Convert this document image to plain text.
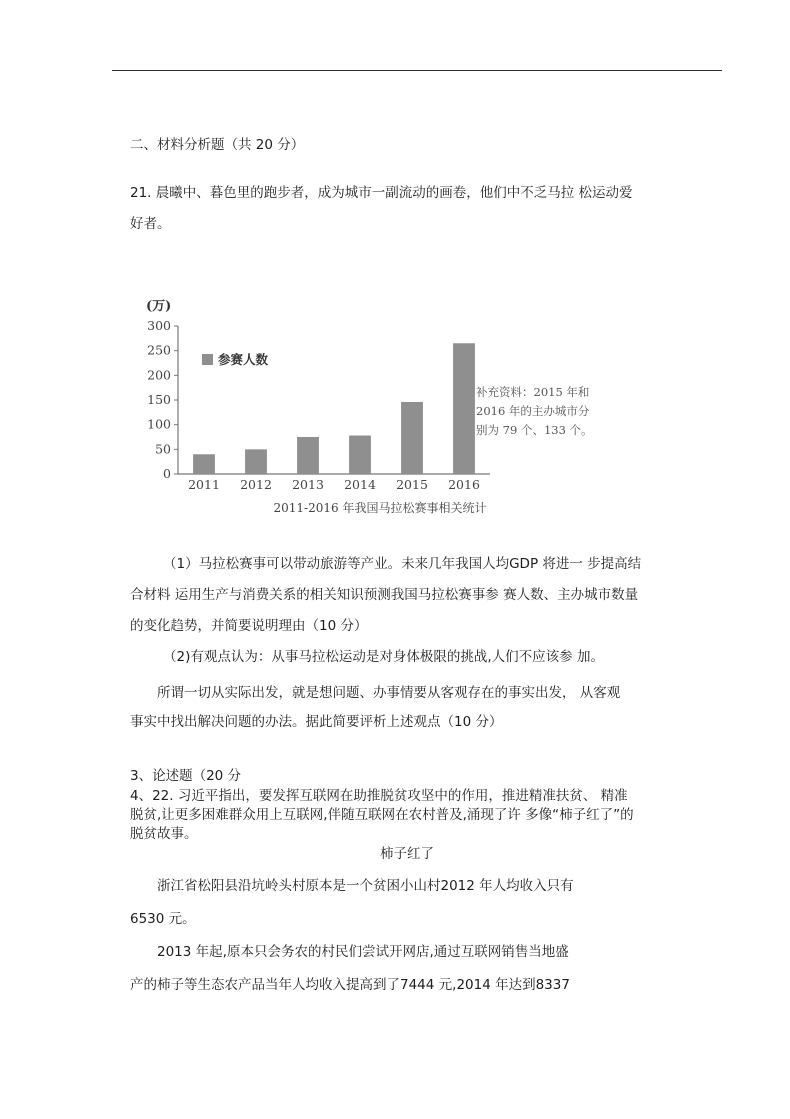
二、材料分析题（共 20 分）
21. 晨曦中、暮色里的跑步者，成为城市一副流动的画卷，他们中不乏马拉 松运动爱
好者。
0
50
100
150
200
250
300
2011 2012 2013 2014 2015 2016
(万)
参赛人数
补充资料：2015 年和
2016 年的主办城市分
别为 79 个、133 个。
2011-2016 年我国马拉松赛事相关统计
（1）马拉松赛事可以带动旅游等产业。未来几年我国人均GDP 将进一 步提高结
合材料 运用生产与消费关系的相关知识预测我国马拉松赛事参 赛人数、主办城市数量
的变化趋势，并简要说明理由（10 分）
（2)有观点认为：从事马拉松运动是对身体极限的挑战,人们不应该参 加。
所谓一切从实际出发，就是想问题、办事情要从客观存在的事实出发， 从客观
事实中找出解决问题的办法。据此简要评析上述观点（10 分）
3、论述题（20 分
4、22. 习近平指出，要发挥互联网在助推脱贫攻坚中的作用，推进精准扶贫、 精准
脱贫,让更多困难群众用上互联网,伴随互联网在农村普及,涌现了许 多像“柿子红了”的
脱贫故事。
柿子红了
浙江省松阳县沿坑岭头村原本是一个贫困小山村2012 年人均收入只有
6530 元。
2013 年起,原本只会务农的村民们尝试开网店,通过互联网销售当地盛
产的柿子等生态农产品当年人均收入提高到了7444 元,2014 年达到8337
